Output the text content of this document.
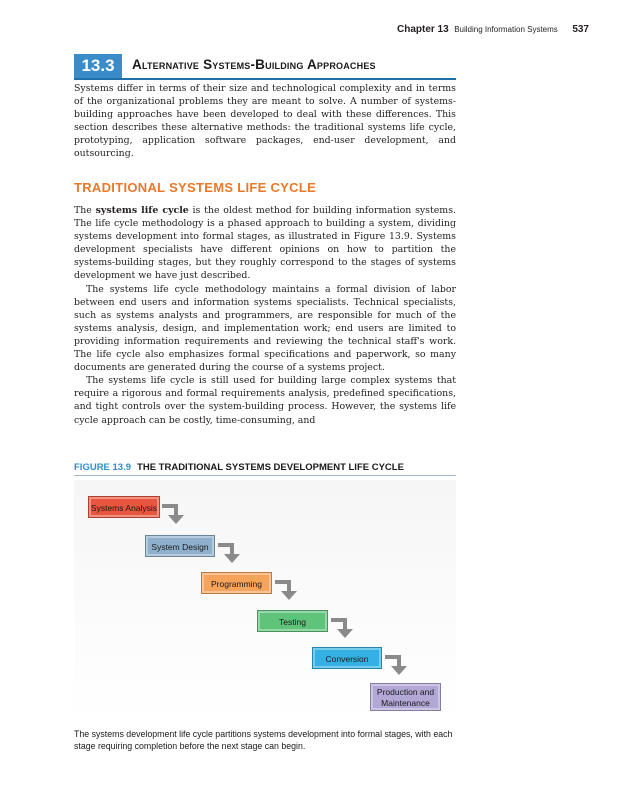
Chapter 13 Building Information Systems 537
13.3	Alternative Systems-Building Approaches

Systems differ in terms of their size and technological complexity and in terms of the organizational problems they are meant to solve. A number of systems-building approaches have been developed to deal with these differences. This section describes these alternative methods: the traditional systems life cycle, prototyping, application software packages, end-user development, and outsourcing.

TRADITIONAL SYSTEMS LIFE CYCLE

The systems life cycle is the oldest method for building information systems. The life cycle methodology is a phased approach to building a system, dividing systems development into formal stages, as illustrated in Figure 13.9. Systems development specialists have different opinions on how to partition the systems-building stages, but they roughly correspond to the stages of systems development we have just described.

The systems life cycle methodology maintains a formal division of labor between end users and information systems specialists. Technical specialists, such as systems analysts and programmers, are responsible for much of the systems analysis, design, and implementation work; end users are limited to providing information requirements and reviewing the technical staff's work. The life cycle also emphasizes formal specifications and paperwork, so many documents are generated during the course of a systems project.

The systems life cycle is still used for building large complex systems that require a rigorous and formal requirements analysis, predefined specifications, and tight controls over the system-building process. However, the systems life cycle approach can be costly, time-consuming, and

FIGURE 13.9 THE TRADITIONAL SYSTEMS DEVELOPMENT LIFE CYCLE
Systems Analysis
System Design
Programming
Testing
Conversion
Production and
Maintenance
The systems development life cycle partitions systems development into formal stages, with each stage requiring completion before the next stage can begin.
